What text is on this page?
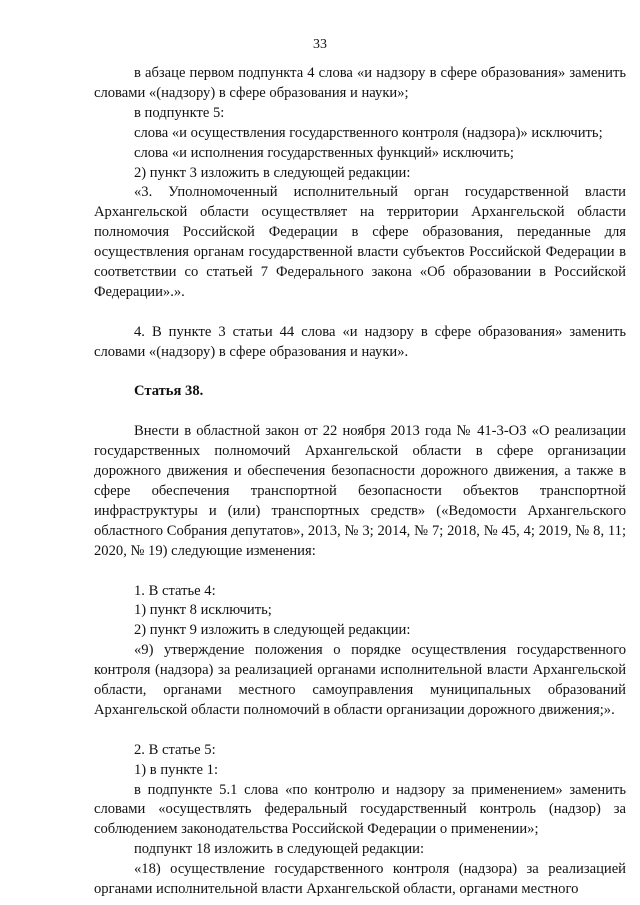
33

в абзаце первом подпункта 4 слова «и надзору в сфере образования» заменить словами «(надзору) в сфере образования и науки»;

в подпункте 5:

слова «и осуществления государственного контроля (надзора)» исключить;

слова «и исполнения государственных функций» исключить;

2) пункт 3 изложить в следующей редакции:

«3. Уполномоченный исполнительный орган государственной власти Архангельской области осуществляет на территории Архангельской области полномочия Российской Федерации в сфере образования, переданные для осуществления органам государственной власти субъектов Российской Федерации в соответствии со статьей 7 Федерального закона «Об образовании в Российской Федерации».».

4. В пункте 3 статьи 44 слова «и надзору в сфере образования» заменить словами «(надзору) в сфере образования и науки».

Статья 38.

Внести в областной закон от 22 ноября 2013 года № 41-3-ОЗ «О реализации государственных полномочий Архангельской области в сфере организации дорожного движения и обеспечения безопасности дорожного движения, а также в сфере обеспечения транспортной безопасности объектов транспортной инфраструктуры и (или) транспортных средств» («Ведомости Архангельского областного Собрания депутатов», 2013, № 3; 2014, № 7; 2018, № 45, 4; 2019, № 8, 11; 2020, № 19) следующие изменения:

1. В статье 4:

1) пункт 8 исключить;

2) пункт 9 изложить в следующей редакции:

«9) утверждение положения о порядке осуществления государственного контроля (надзора) за реализацией органами исполнительной власти Архангельской области, органами местного самоуправления муниципальных образований Архангельской области полномочий в области организации дорожного движения;».

2. В статье 5:

1) в пункте 1:

в подпункте 5.1 слова «по контролю и надзору за применением» заменить словами «осуществлять федеральный государственный контроль (надзор) за соблюдением законодательства Российской Федерации о применении»;

подпункт 18 изложить в следующей редакции:

«18) осуществление государственного контроля (надзора) за реализацией органами исполнительной власти Архангельской области, органами местного
